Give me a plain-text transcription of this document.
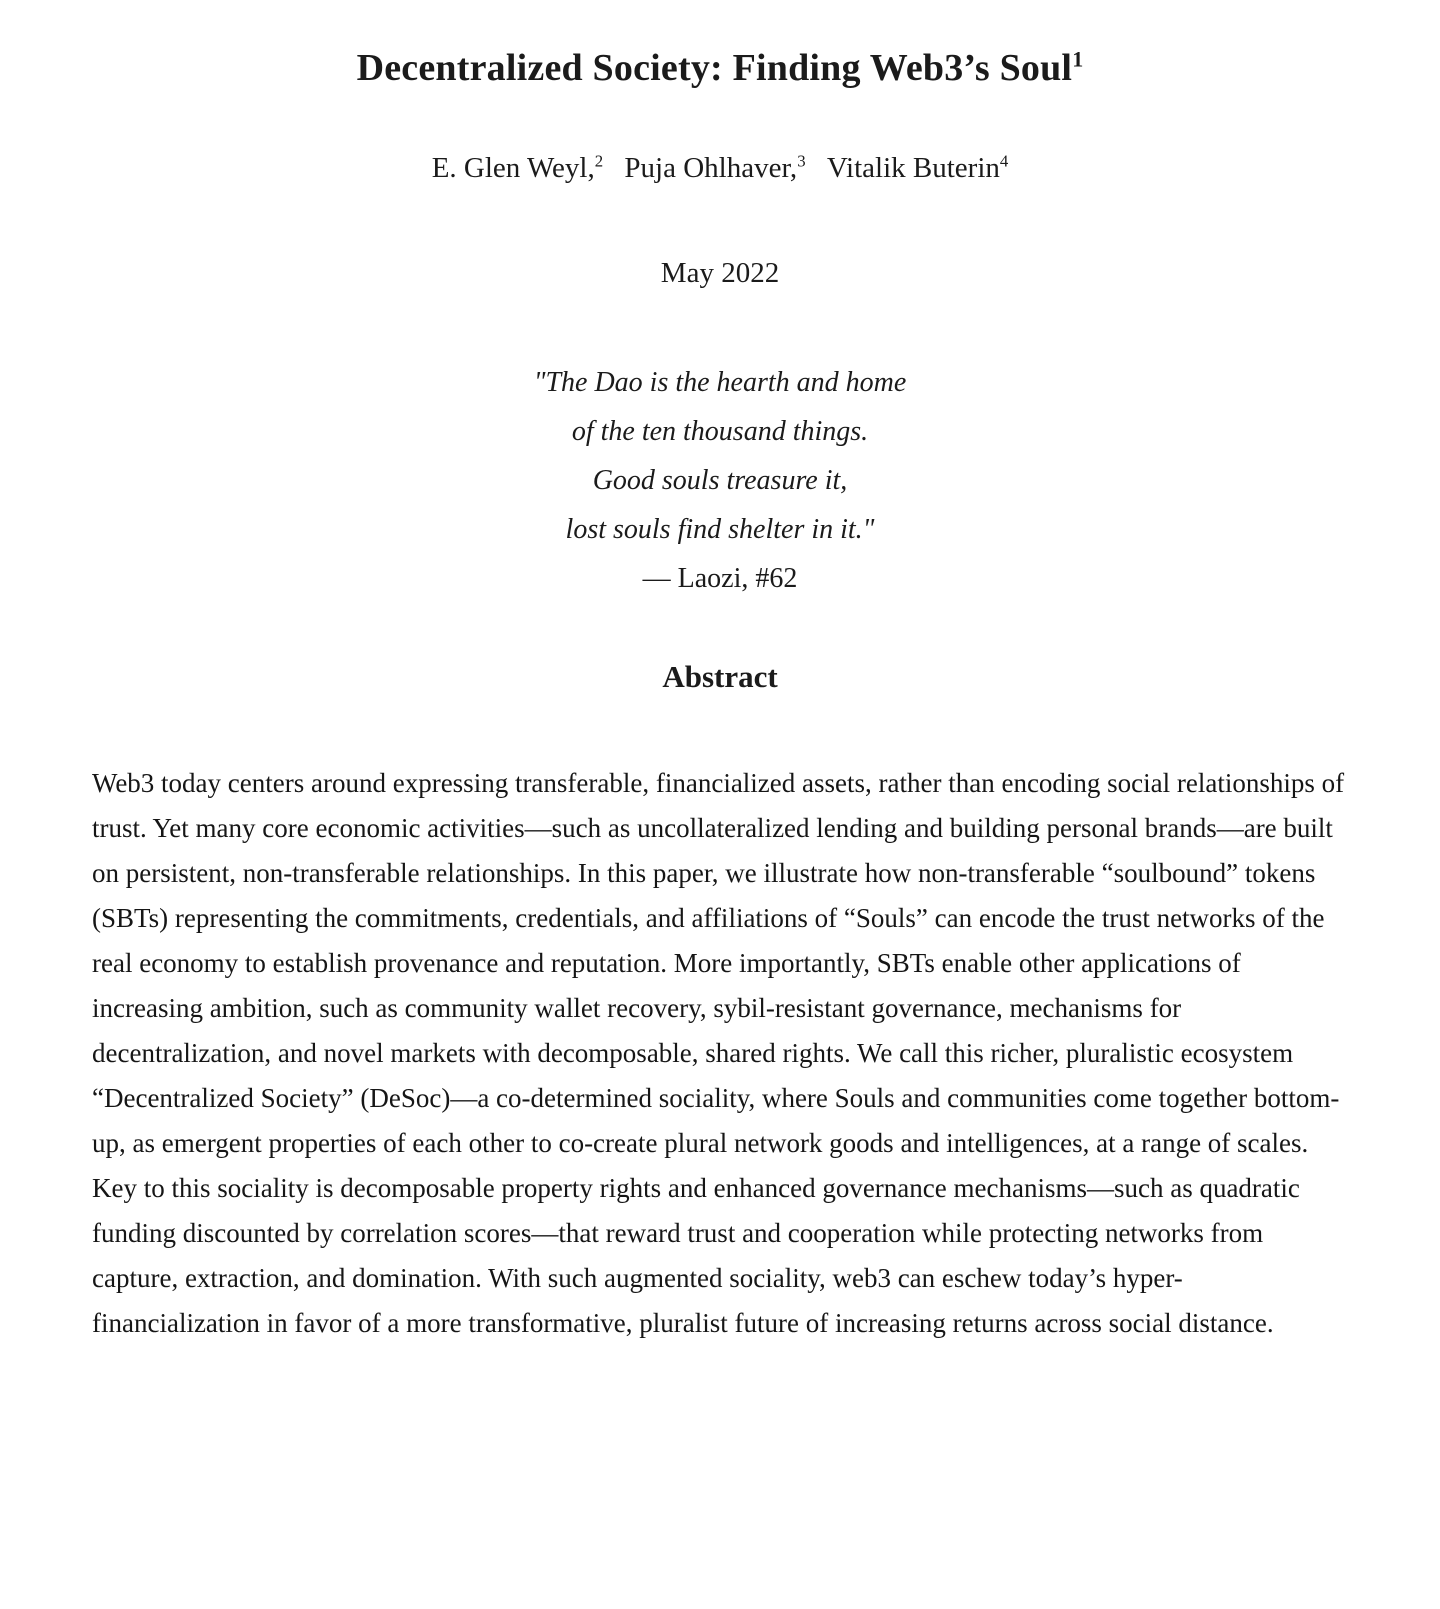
Decentralized Society: Finding Web3’s Soul$^1$
E. Glen Weyl,$^2$ Puja Ohlhaver,$^3$ Vitalik Buterin$^4$
May 2022
"The Dao is the hearth and home
of the ten thousand things.
Good souls treasure it,
lost souls find shelter in it."
— Laozi, #62
Abstract

Web3 today centers around expressing transferable, financialized assets, rather than encoding social relationships of trust. Yet many core economic activities—such as uncollateralized lending and building personal brands—are built on persistent, non-transferable relationships. In this paper, we illustrate how non-transferable “soulbound” tokens (SBTs) representing the commitments, credentials, and affiliations of “Souls” can encode the trust networks of the real economy to establish provenance and reputation. More importantly, SBTs enable other applications of increasing ambition, such as community wallet recovery, sybil-resistant governance, mechanisms for decentralization, and novel markets with decomposable, shared rights. We call this richer, pluralistic ecosystem “Decentralized Society” (DeSoc)—a co-determined sociality, where Souls and communities come together bottom-up, as emergent properties of each other to co-create plural network goods and intelligences, at a range of scales. Key to this sociality is decomposable property rights and enhanced governance mechanisms—such as quadratic funding discounted by correlation scores—that reward trust and cooperation while protecting networks from capture, extraction, and domination. With such augmented sociality, web3 can eschew today’s hyper-financialization in favor of a more transformative, pluralist future of increasing returns across social distance.
